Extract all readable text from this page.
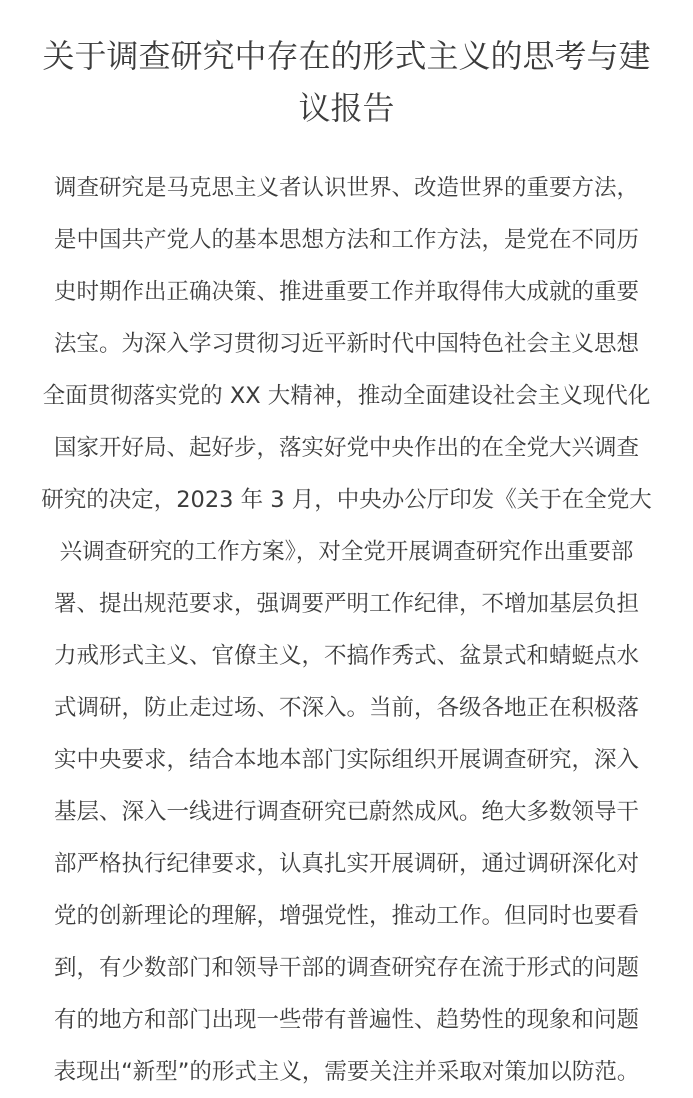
关于调查研究中存在的形式主义的思考与建
议报告
调查研究是马克思主义者认识世界、改造世界的重要方法，
是中国共产党人的基本思想方法和工作方法，是党在不同历
史时期作出正确决策、推进重要工作并取得伟大成就的重要
法宝。为深入学习贯彻习近平新时代中国特色社会主义思想
全面贯彻落实党的 XX 大精神，推动全面建设社会主义现代化
国家开好局、起好步，落实好党中央作出的在全党大兴调查
研究的决定，2023 年 3 月，中央办公厅印发《关于在全党大
兴调查研究的工作方案》，对全党开展调查研究作出重要部
署、提出规范要求，强调要严明工作纪律，不增加基层负担
力戒形式主义、官僚主义，不搞作秀式、盆景式和蜻蜓点水
式调研，防止走过场、不深入。当前，各级各地正在积极落
实中央要求，结合本地本部门实际组织开展调查研究，深入
基层、深入一线进行调查研究已蔚然成风。绝大多数领导干
部严格执行纪律要求，认真扎实开展调研，通过调研深化对
党的创新理论的理解，增强党性，推动工作。但同时也要看
到，有少数部门和领导干部的调查研究存在流于形式的问题
有的地方和部门出现一些带有普遍性、趋势性的现象和问题
表现出“新型”的形式主义，需要关注并采取对策加以防范。
